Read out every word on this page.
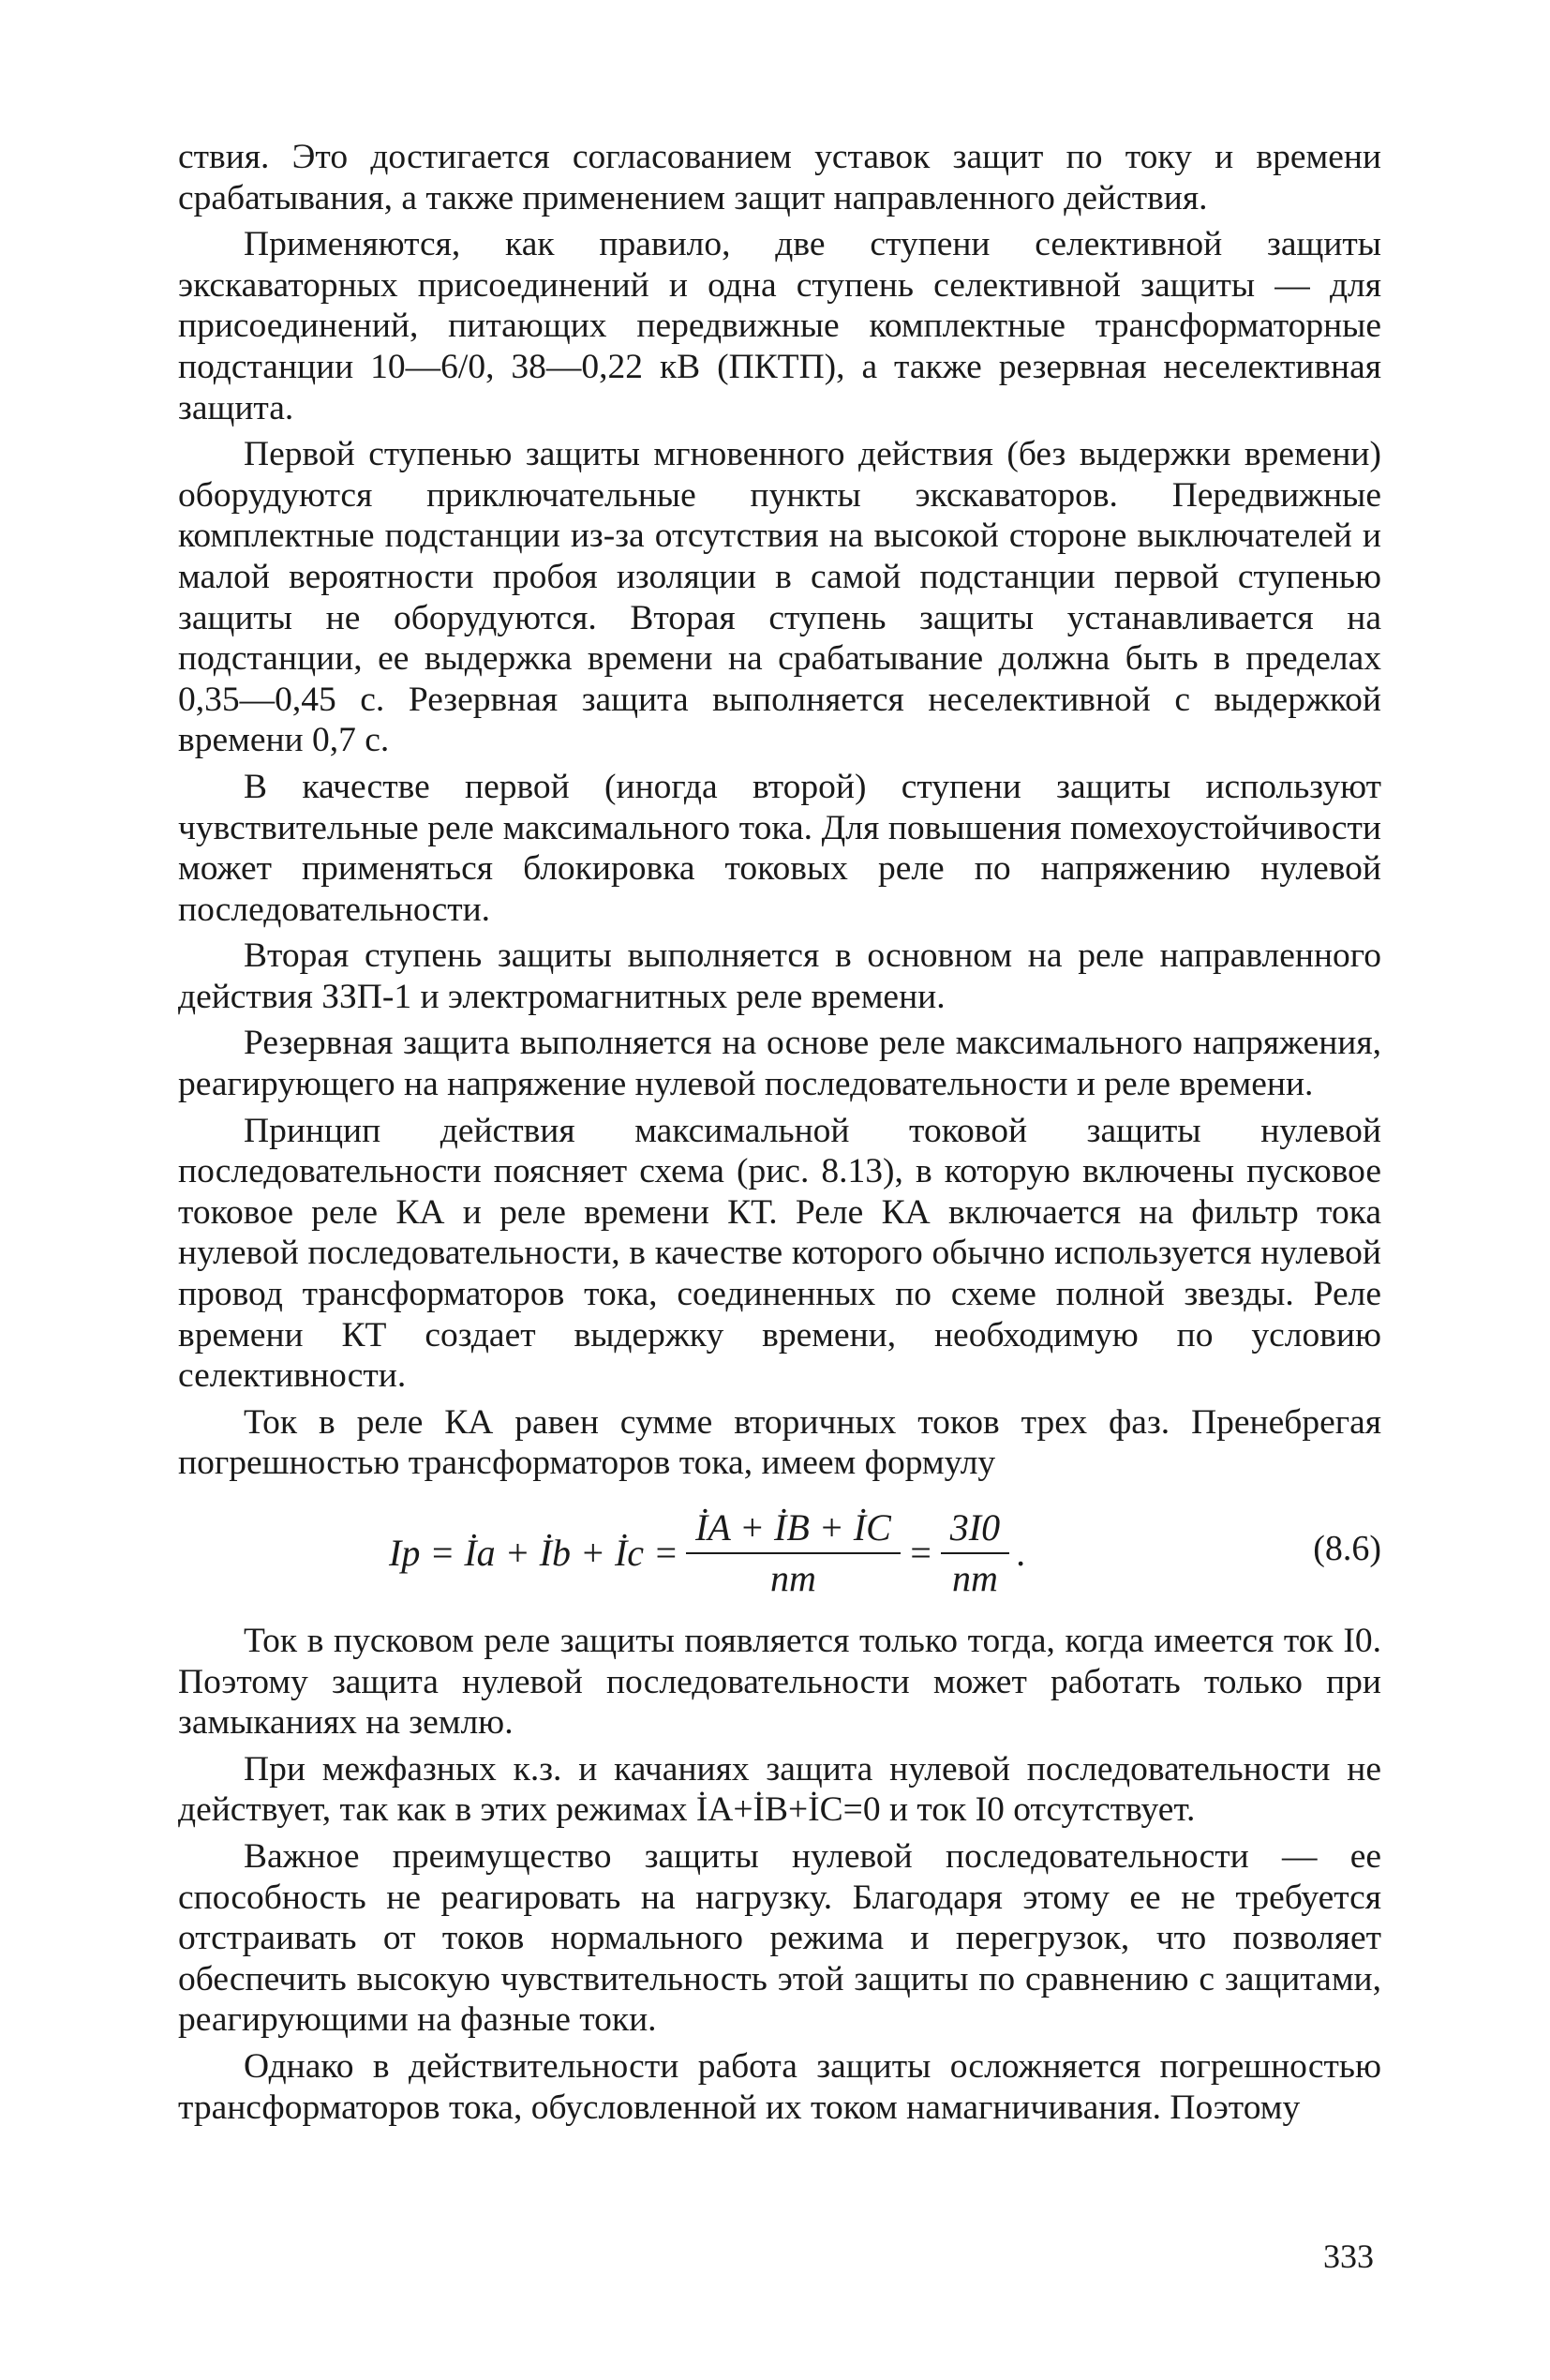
ствия. Это достигается согласованием уставок защит по току и времени срабатывания, а также применением защит направленного действия.

Применяются, как правило, две ступени селективной защиты экскаваторных присоединений и одна ступень селективной защиты — для присоединений, питающих передвижные комплектные трансформаторные подстанции 10—6/0, 38—0,22 кВ (ПКТП), а также резервная неселективная защита.

Первой ступенью защиты мгновенного действия (без выдержки времени) оборудуются приключательные пункты экскаваторов. Передвижные комплектные подстанции из-за отсутствия на высокой стороне выключателей и малой вероятности пробоя изоляции в самой подстанции первой ступенью защиты не оборудуются. Вторая ступень защиты устанавливается на подстанции, ее выдержка времени на срабатывание должна быть в пределах 0,35—0,45 с. Резервная защита выполняется неселективной с выдержкой времени 0,7 с.

В качестве первой (иногда второй) ступени защиты используют чувствительные реле максимального тока. Для повышения помехоустойчивости может применяться блокировка токовых реле по напряжению нулевой последовательности.

Вторая ступень защиты выполняется в основном на реле направленного действия ЗЗП-1 и электромагнитных реле времени.

Резервная защита выполняется на основе реле максимального напряжения, реагирующего на напряжение нулевой последовательности и реле времени.

Принцип действия максимальной токовой защиты нулевой последовательности поясняет схема (рис. 8.13), в которую включены пусковое токовое реле КА и реле времени КТ. Реле КА включается на фильтр тока нулевой последовательности, в качестве которого обычно используется нулевой провод трансформаторов тока, соединенных по схеме полной звезды. Реле времени КТ создает выдержку времени, необходимую по условию селективности.

Ток в реле КА равен сумме вторичных токов трех фаз. Пренебрегая погрешностью трансформаторов тока, имеем формулу

Iр = İa + İb + İc = $\frac{İA + İB + İC}{nт} = \frac{3I0}{nт}$ .	(8.6)

Ток в пусковом реле защиты появляется только тогда, когда имеется ток I0. Поэтому защита нулевой последовательности может работать только при замыканиях на землю.

При межфазных к.з. и качаниях защита нулевой последовательности не действует, так как в этих режимах İA+İB+İC=0 и ток I0 отсутствует.

Важное преимущество защиты нулевой последовательности — ее способность не реагировать на нагрузку. Благодаря этому ее не требуется отстраивать от токов нормального режима и перегрузок, что позволяет обеспечить высокую чувствительность этой защиты по сравнению с защитами, реагирующими на фазные токи.

Однако в действительности работа защиты осложняется погрешностью трансформаторов тока, обусловленной их током намагничивания. Поэтому

333
